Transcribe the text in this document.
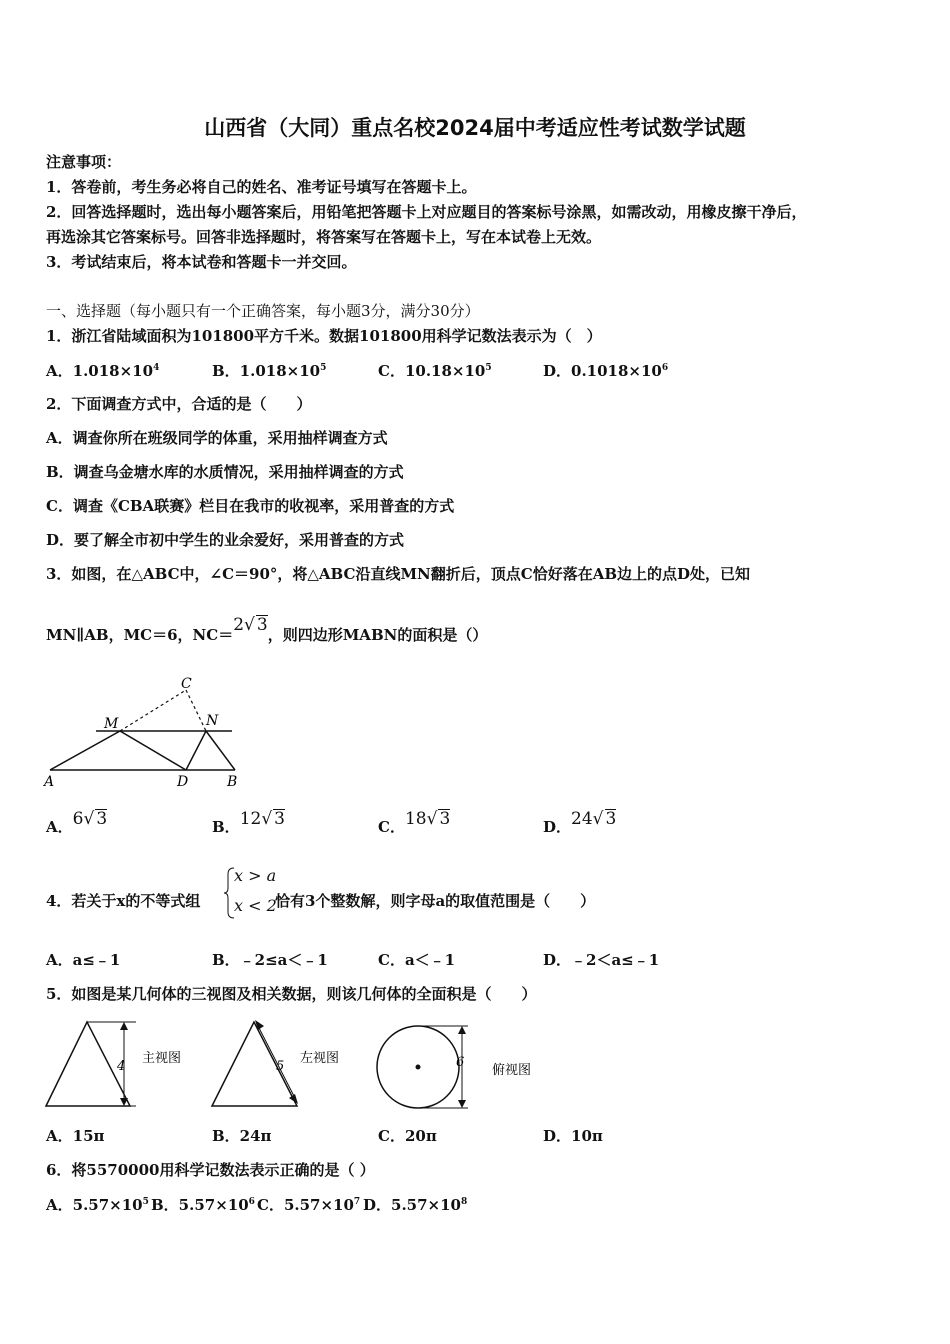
山西省（大同）重点名校2024届中考适应性考试数学试题
注意事项：
1．答卷前，考生务必将自己的姓名、准考证号填写在答题卡上。
2．回答选择题时，选出每小题答案后，用铅笔把答题卡上对应题目的答案标号涂黑，如需改动，用橡皮擦干净后，
再选涂其它答案标号。回答非选择题时，将答案写在答题卡上，写在本试卷上无效。
3．考试结束后，将本试卷和答题卡一并交回。
一、选择题（每小题只有一个正确答案，每小题3分，满分30分）
1．浙江省陆域面积为101800平方千米。数据101800用科学记数法表示为（　）
A．$1.018\times 10^4$	B．$1.018\times 10^5$	C．$10.18\times 10^5$	D．$0.1018\times 10^6$
2．下面调查方式中，合适的是（　　）
A．调查你所在班级同学的体重，采用抽样调查方式
B．调查乌金塘水库的水质情况，采用抽样调查的方式
C．调查《CBA联赛》栏目在我市的收视率，采用普查的方式
D．要了解全市初中学生的业余爱好，采用普查的方式
3．如图，在△ABC中，∠C＝90°，将△ABC沿直线MN翻折后，顶点C恰好落在AB边上的点D处，已知
MN∥AB，MC＝6，NC＝2√ 3，则四边形MABN的面积是（）
C
M	N
A	D	B
A．6√ 3	B．12√ 3	C．18√ 3	D．24√ 3
4．若关于x的不等式组
x > a
x < 2
恰有3个整数解，则字母a的取值范围是（　　）
A．a≤﹣1	B．﹣2≤a＜﹣1	C．a＜﹣1	D．﹣2＜a≤﹣1
5．如图是某几何体的三视图及相关数据，则该几何体的全面积是（　　）
4
主视图
5
左视图	6
俯视图
A．15π	B．24π	C．20π	D．10π
6．将5570000用科学记数法表示正确的是（ ）
A．$5.57\times 10^5$ B．$5.57\times 10^6$ C．$5.57\times 10^7$ D．$5.57\times 10^8$
